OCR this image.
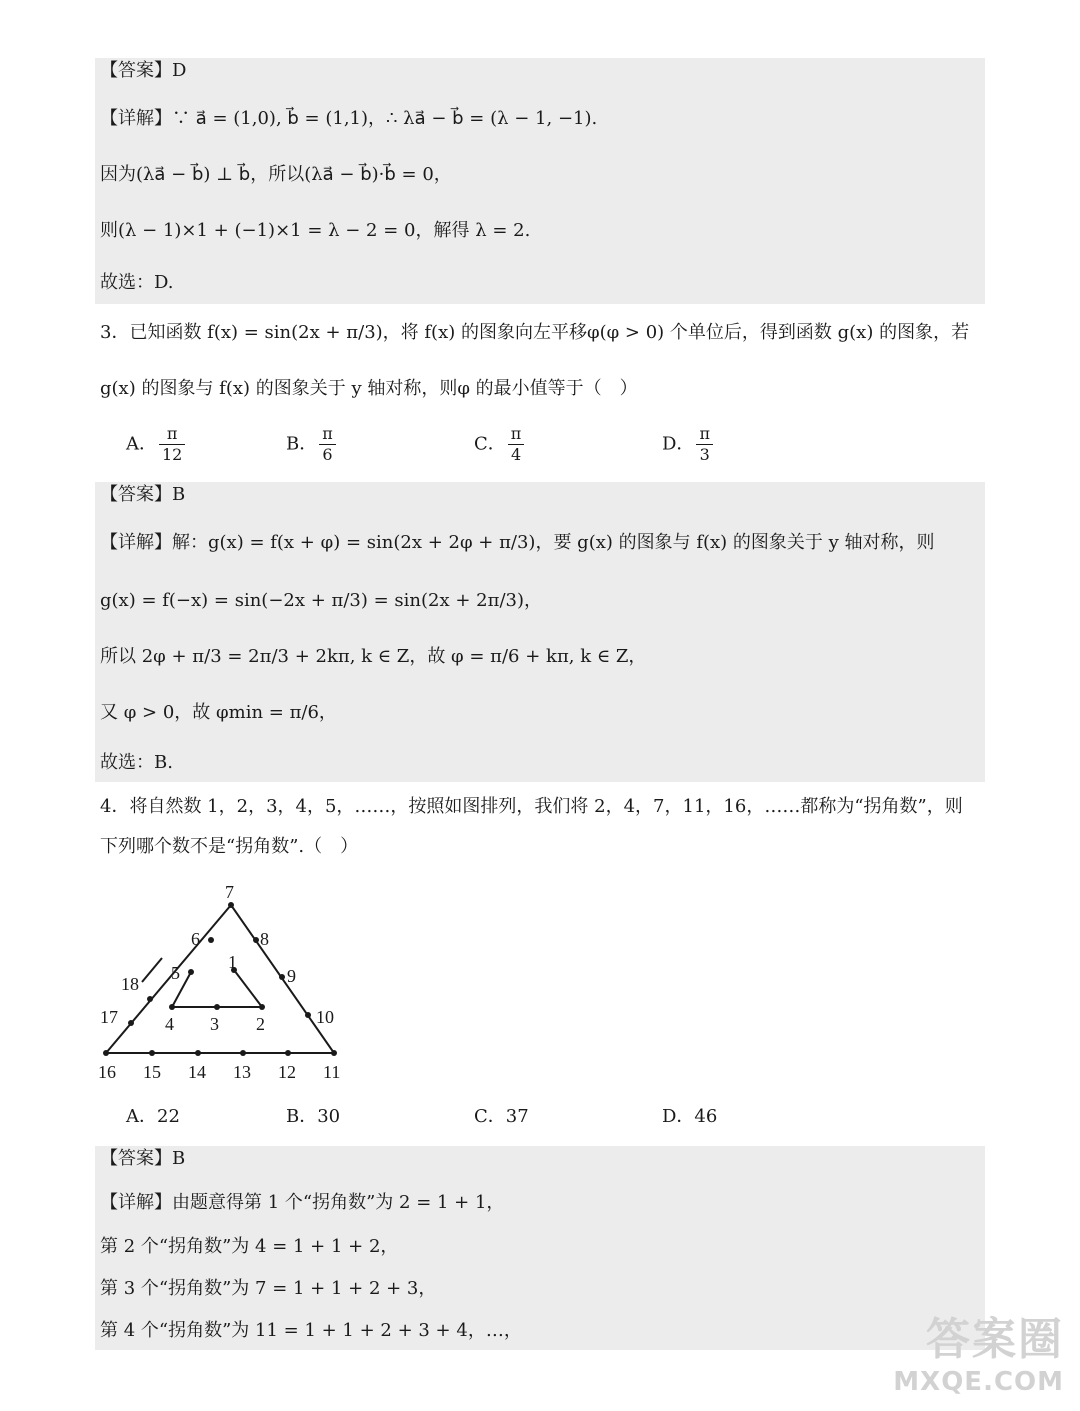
【答案】D
【详解】∵ a⃗ = (1,0), b⃗ = (1,1)，∴ λa⃗ − b⃗ = (λ − 1, −1).
因为(λa⃗ − b⃗) ⊥ b⃗，所以(λa⃗ − b⃗)·b⃗ = 0，
则(λ − 1)×1 + (−1)×1 = λ − 2 = 0，解得 λ = 2.
故选：D.
3．已知函数 f(x) = sin(2x + π/3)，将 f(x) 的图象向左平移φ(φ > 0) 个单位后，得到函数 g(x) 的图象，若
g(x) 的图象与 f(x) 的图象关于 y 轴对称，则φ 的最小值等于（　）
A． $\frac{\pi}{12}$	B． $\frac{\pi}{6}$	C． $\frac{\pi}{4}$	D． $\frac{\pi}{3}$
【答案】B
【详解】解：g(x) = f(x + φ) = sin(2x + 2φ + π/3)，要 g(x) 的图象与 f(x) 的图象关于 y 轴对称，则
g(x) = f(−x) = sin(−2x + π/3) = sin(2x + 2π/3)，
所以 2φ + π/3 = 2π/3 + 2kπ, k ∈ Z，故 φ = π/6 + kπ, k ∈ Z，
又 φ > 0，故 φmin = π/6，
故选：B.
4．将自然数 1，2，3，4，5，……，按照如图排列，我们将 2，4，7，11，16，……都称为“拐角数”，则
下列哪个数不是“拐角数”.（　）
1
2
3
4
5
6
7
8
9
10
11
12
13
14
15
16
17
18
A．22	B．30	C．37	D．46
【答案】B
【详解】由题意得第 1 个“拐角数”为 2 = 1 + 1，
第 2 个“拐角数”为 4 = 1 + 1 + 2，
第 3 个“拐角数”为 7 = 1 + 1 + 2 + 3，
第 4 个“拐角数”为 11 = 1 + 1 + 2 + 3 + 4，…，	答案圈
MXQE.COM
